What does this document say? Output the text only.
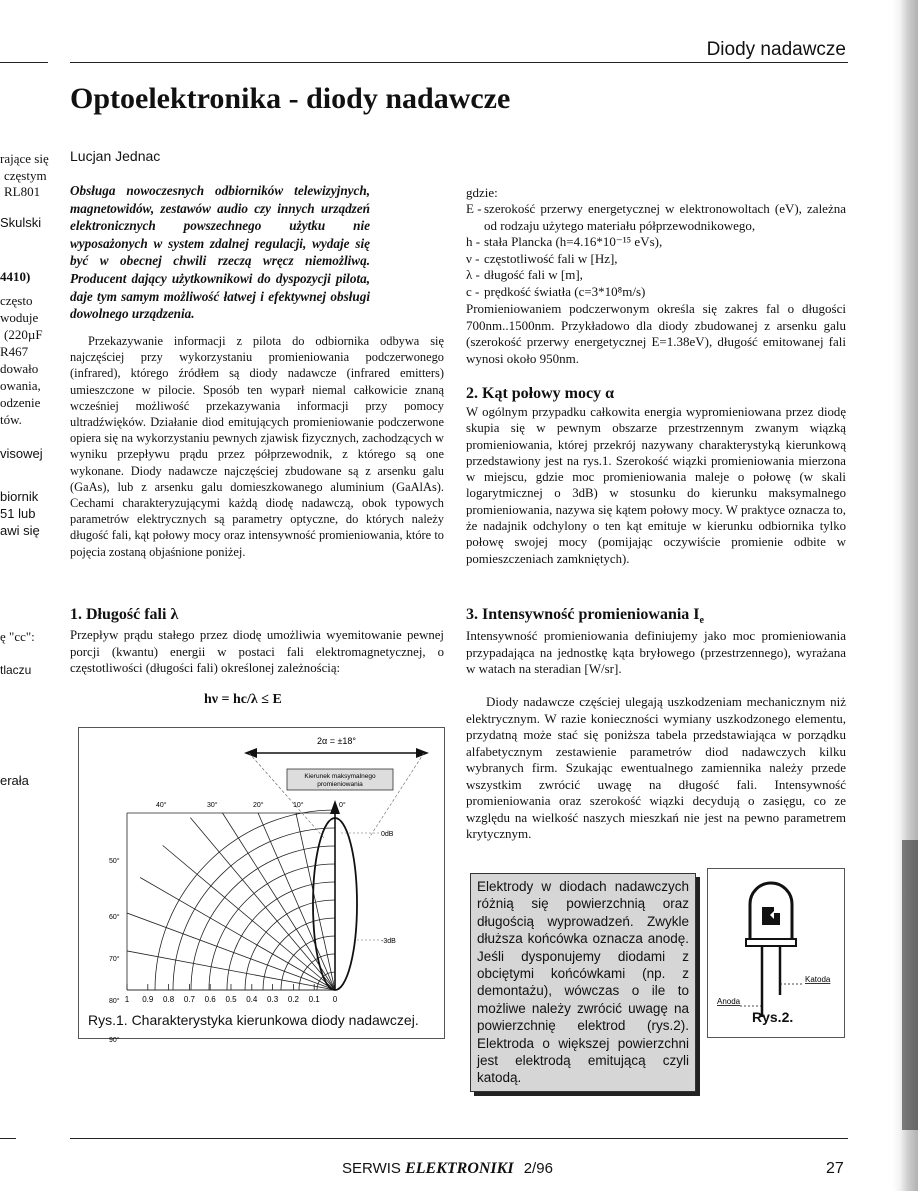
Diody nadawcze
Optoelektronika - diody nadawcze
Lucjan Jednac
rające się
częstym
RL801
Skulski
4410)
często
woduje
(220µF
R467
dowało
owania,
odzenie
tów.
visowej
biornik
51 lub
awi się
ę "cc":
tlaczu
erała
Obsługa nowoczesnych odbiorników telewizyjnych, magnetowidów, zestawów audio czy innych urządzeń elektronicznych powszechnego użytku nie wyposażonych w system zdalnej regulacji, wydaje się być w obecnej chwili rzeczą wręcz niemożliwą. Producent dający użytkownikowi do dyspozycji pilota, daje tym samym możliwość łatwej i efektywnej obsługi dowolnego urządzenia.
Przekazywanie informacji z pilota do odbiornika odbywa się najczęściej przy wykorzystaniu promieniowania podczerwonego (infrared), którego źródłem są diody nadawcze (infrared emitters) umieszczone w pilocie. Sposób ten wyparł niemal całkowicie znaną wcześniej możliwość przekazywania informacji przy pomocy ultradźwięków. Działanie diod emitujących promieniowanie podczerwone opiera się na wykorzystaniu pewnych zjawisk fizycznych, zachodzących w wyniku przepływu prądu przez półprzewodnik, z którego są one wykonane. Diody nadawcze najczęściej zbudowane są z arsenku galu (GaAs), lub z arsenku galu domieszkowanego aluminium (GaAlAs). Cechami charakteryzującymi każdą diodę nadawczą, obok typowych parametrów elektrycznych są parametry optyczne, do których należy długość fali, kąt połowy mocy oraz intensywność promieniowania, które to pojęcia zostaną objaśnione poniżej.
1. Długość fali λ
Przepływ prądu stałego przez diodę umożliwia wyemitowanie pewnej porcji (kwantu) energii w postaci fali elektromagnetycznej, o częstotliwości (długości fali) określonej zależnością:
hν = hc/λ ≤ E
2α = ±18°
Kierunek maksymalnego
promieniowania
0dB
-3dB
40°	30°	20°	10°	0°
50°
60°
70°
80°
90°
1 0.9 0.8 0.7 0.6 0.5 0.4 0.3 0.2 0.1 0
Rys.1. Charakterystyka kierunkowa diody nadawczej.
gdzie:
E - szerokość przerwy energetycznej w elektronowoltach (eV), zależna od rodzaju użytego materiału półprzewodnikowego,
h - stała Plancka (h=4.16*10⁻¹⁵ eVs),
ν - częstotliwość fali w [Hz],
λ - długość fali w [m],
c - prędkość światła (c=3*10⁸m/s)
Promieniowaniem podczerwonym określa się zakres fal o długości 700nm..1500nm. Przykładowo dla diody zbudowanej z arsenku galu (szerokość przerwy energetycznej E=1.38eV), długość emitowanej fali wynosi około 950nm.
2. Kąt połowy mocy α
W ogólnym przypadku całkowita energia wypromieniowana przez diodę skupia się w pewnym obszarze przestrzennym zwanym wiązką promieniowania, której przekrój nazywany charakterystyką kierunkową przedstawiony jest na rys.1. Szerokość wiązki promieniowania mierzona w miejscu, gdzie moc promieniowania maleje o połowę (w skali logarytmicznej o 3dB) w stosunku do kierunku maksymalnego promieniowania, nazywa się kątem połowy mocy. W praktyce oznacza to, że nadajnik odchylony o ten kąt emituje w kierunku odbiornika tylko połowę swojej mocy (pomijając oczywiście promienie odbite w pomieszczeniach zamkniętych).
3. Intensywność promieniowania $I_e$
Intensywność promieniowania definiujemy jako moc promieniowania przypadająca na jednostkę kąta bryłowego (przestrzennego), wyrażana w watach na steradian [W/sr].
Diody nadawcze częściej ulegają uszkodzeniam mechanicznym niż elektrycznym. W razie konieczności wymiany uszkodzonego elementu, przydatną może stać się poniższa tabela przedstawiająca w porządku alfabetycznym zestawienie parametrów diod nadawczych kilku wybranych firm. Szukając ewentualnego zamiennika należy przede wszystkim zwrócić uwagę na długość fali. Intensywność promieniowania oraz szerokość wiązki decydują o zasięgu, co ze względu na wielkość naszych mieszkań nie jest na pewno parametrem krytycznym.
Elektrody w diodach nadawczych różnią się powierzchnią oraz długością wyprowadzeń. Zwykle dłuższa końcówka oznacza anodę. Jeśli dysponujemy diodami z obciętymi końcówkami (np. z demontażu), wówczas o ile to możliwe należy zwrócić uwagę na powierzchnię elektrod (rys.2). Elektroda o większej powierzchni jest elektrodą emitującą czyli katodą.
Katoda
Anoda
Rys.2.
SERWIS ELEKTRONIKI 2/96	27
